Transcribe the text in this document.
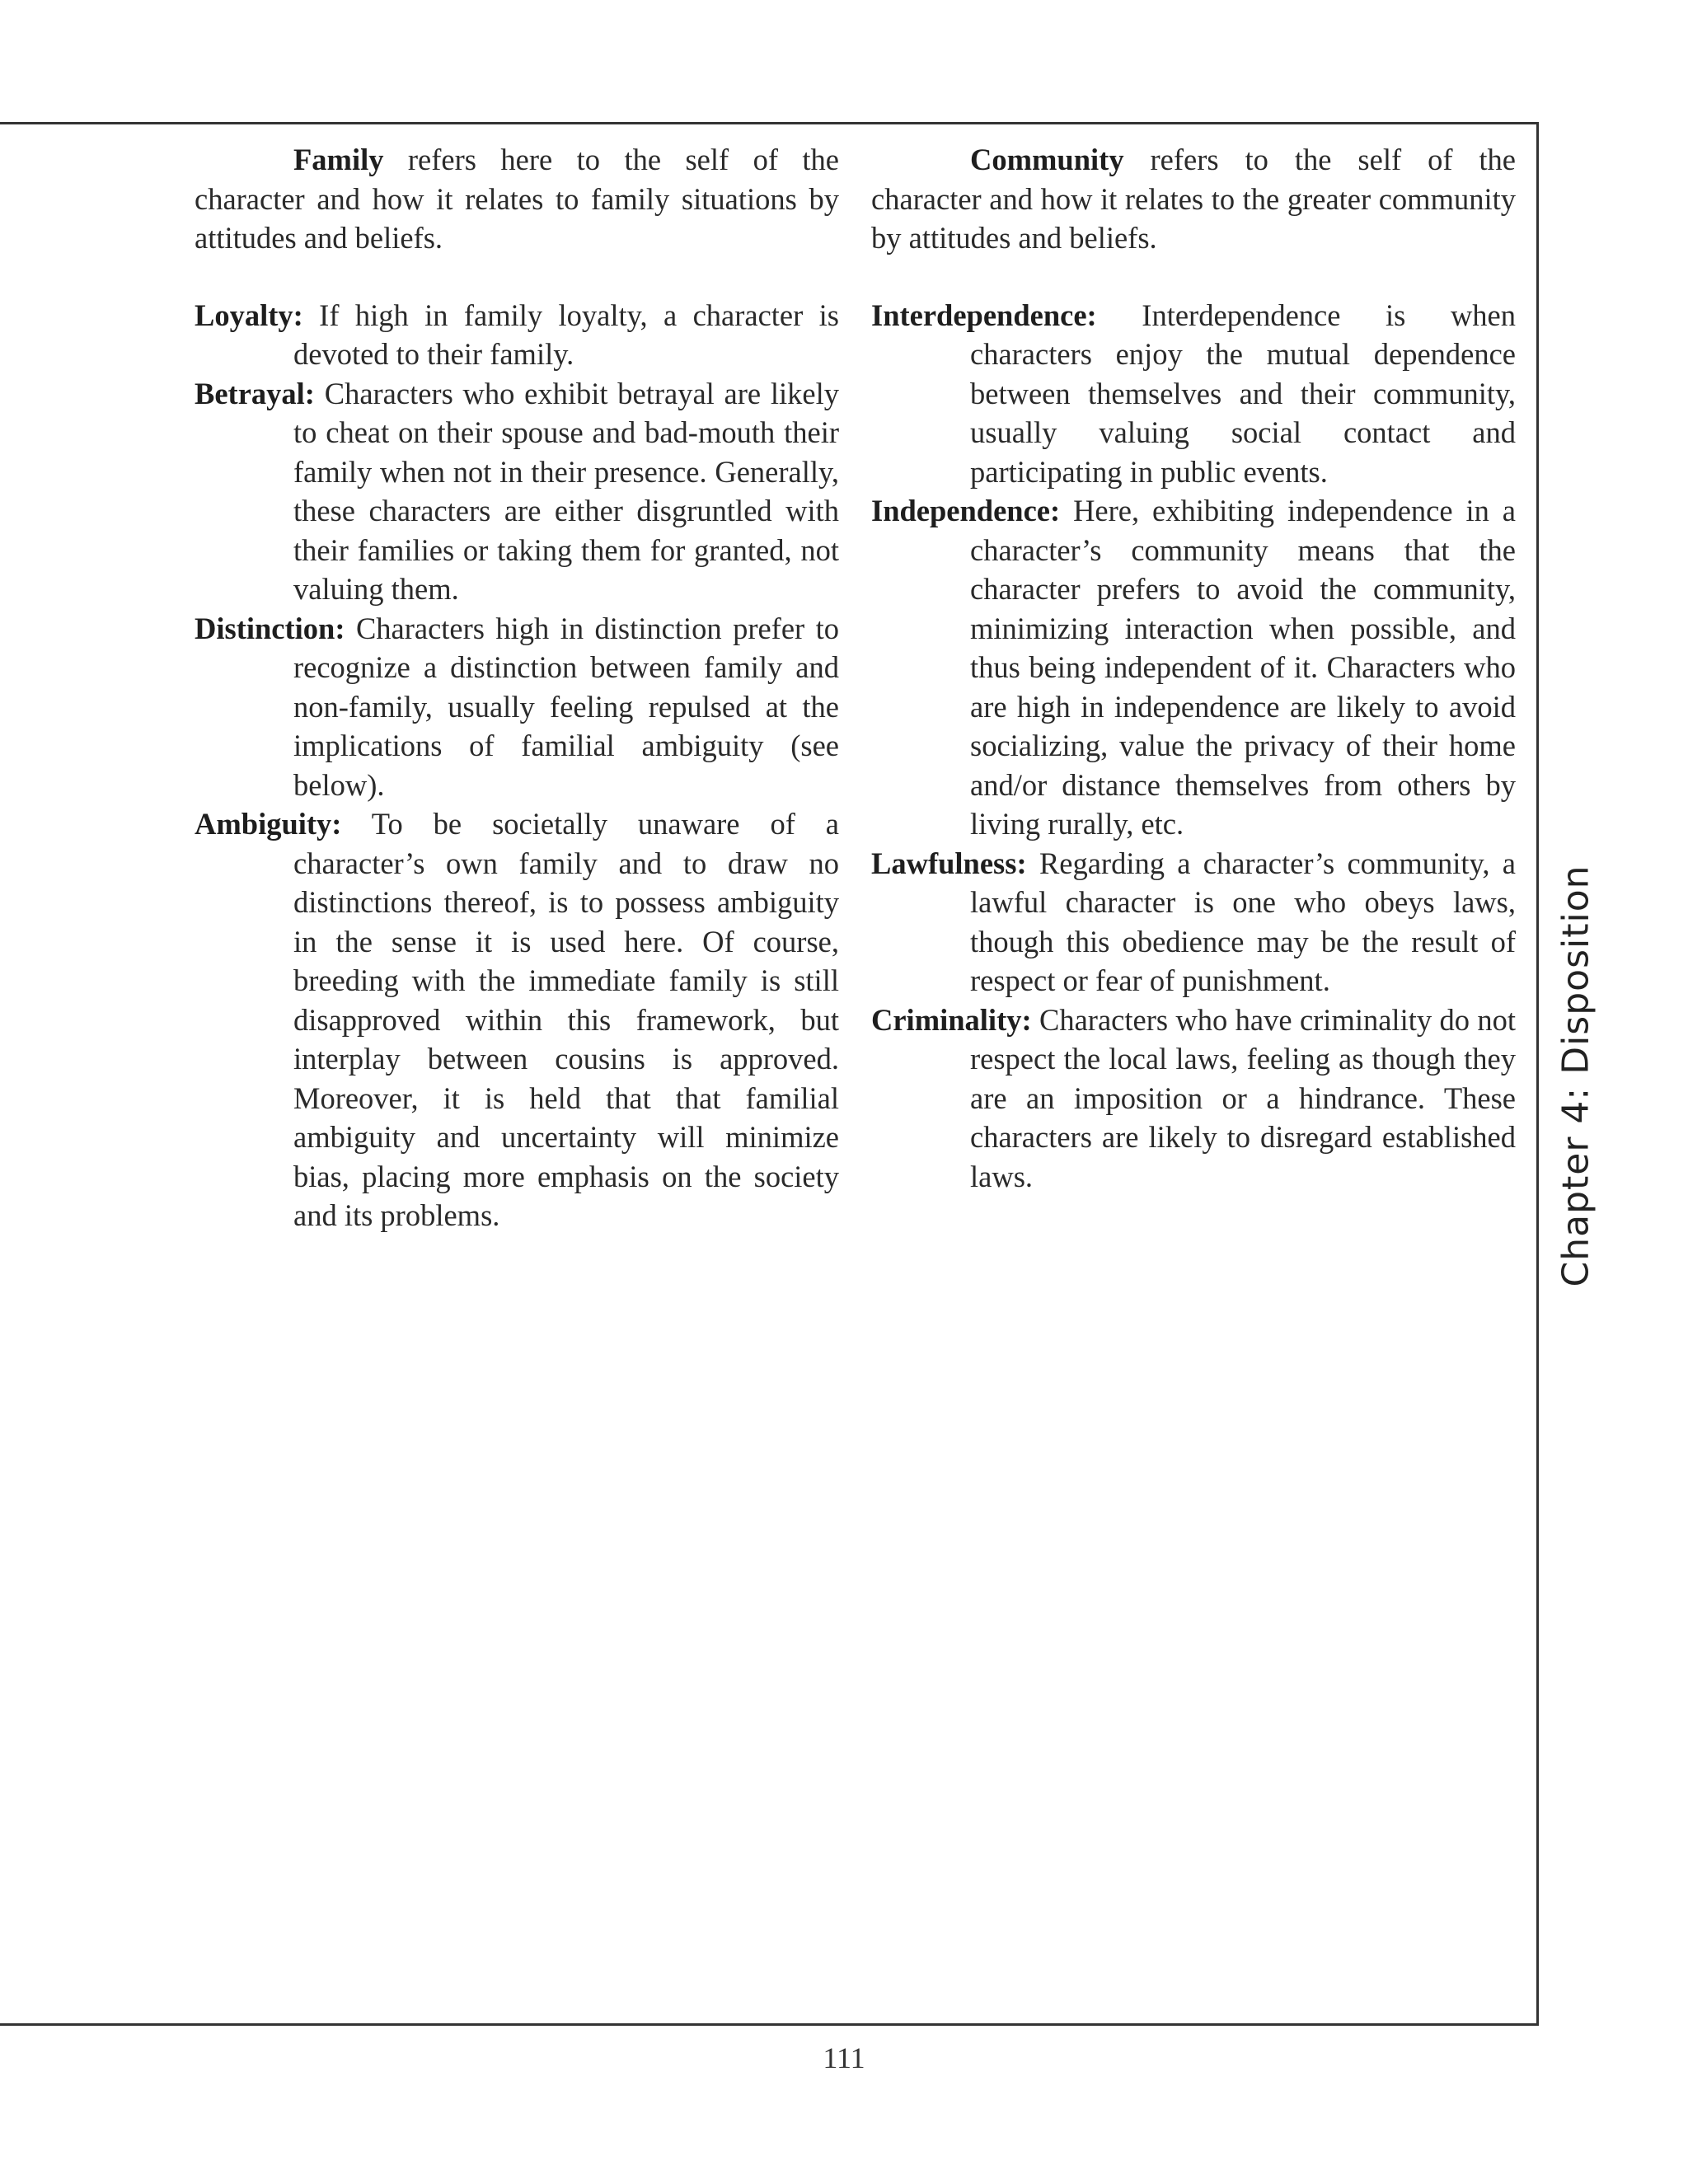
Family refers here to the self of the character and how it relates to family situations by attitudes and beliefs.

Loyalty: If high in family loyalty, a character is devoted to their family.

Betrayal: Characters who exhibit betrayal are likely to cheat on their spouse and bad-mouth their family when not in their presence. Generally, these characters are either disgruntled with their families or taking them for granted, not valuing them.

Distinction: Characters high in distinction prefer to recognize a distinction between family and non-family, usually feeling repulsed at the implications of familial ambiguity (see below).

Ambiguity: To be societally unaware of a character’s own family and to draw no distinctions thereof, is to possess ambiguity in the sense it is used here. Of course, breeding with the immediate family is still disapproved within this framework, but interplay between cousins is approved. Moreover, it is held that that familial ambiguity and uncertainty will minimize bias, placing more emphasis on the society and its problems.

Community refers to the self of the character and how it relates to the greater community by attitudes and beliefs.

Interdependence: Interdependence is when characters enjoy the mutual dependence between themselves and their community, usually valuing social contact and participating in public events.

Independence: Here, exhibiting independence in a character’s community means that the character prefers to avoid the community, minimizing interaction when possible, and thus being independent of it. Characters who are high in independence are likely to avoid socializing, value the privacy of their home and/or distance themselves from others by living rurally, etc.

Lawfulness: Regarding a character’s community, a lawful character is one who obeys laws, though this obedience may be the result of respect or fear of punishment.

Criminality: Characters who have criminality do not respect the local laws, feeling as though they are an imposition or a hindrance. These characters are likely to disregard established laws.	Chapter 4: Disposition
111
